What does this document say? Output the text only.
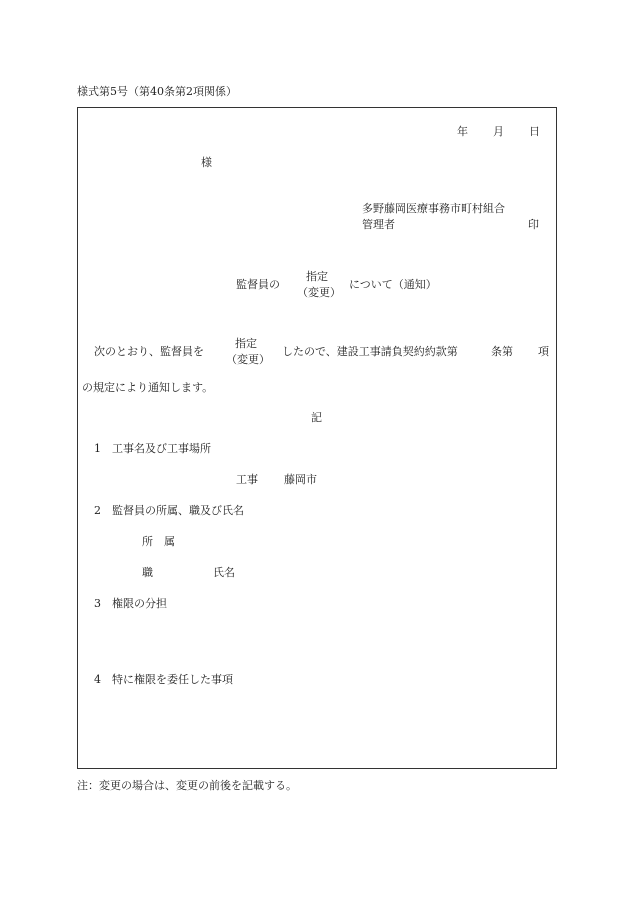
様式第5号（第40条第2項関係）
年 月 日
様
多野藤岡医療事務市町村組合
管理者	印
監督員の
指定
（変更）
について（通知）
次のとおり、監督員を
指定
（変更）
したので、建設工事請負契約約款第	条第 項
の規定により通知します。
記
1 工事名及び工事場所
工事 藤岡市
2 監督員の所属、職及び氏名
所　属
職	氏名
3 権限の分担
4 特に権限を委任した事項
注：変更の場合は、変更の前後を記載する。
